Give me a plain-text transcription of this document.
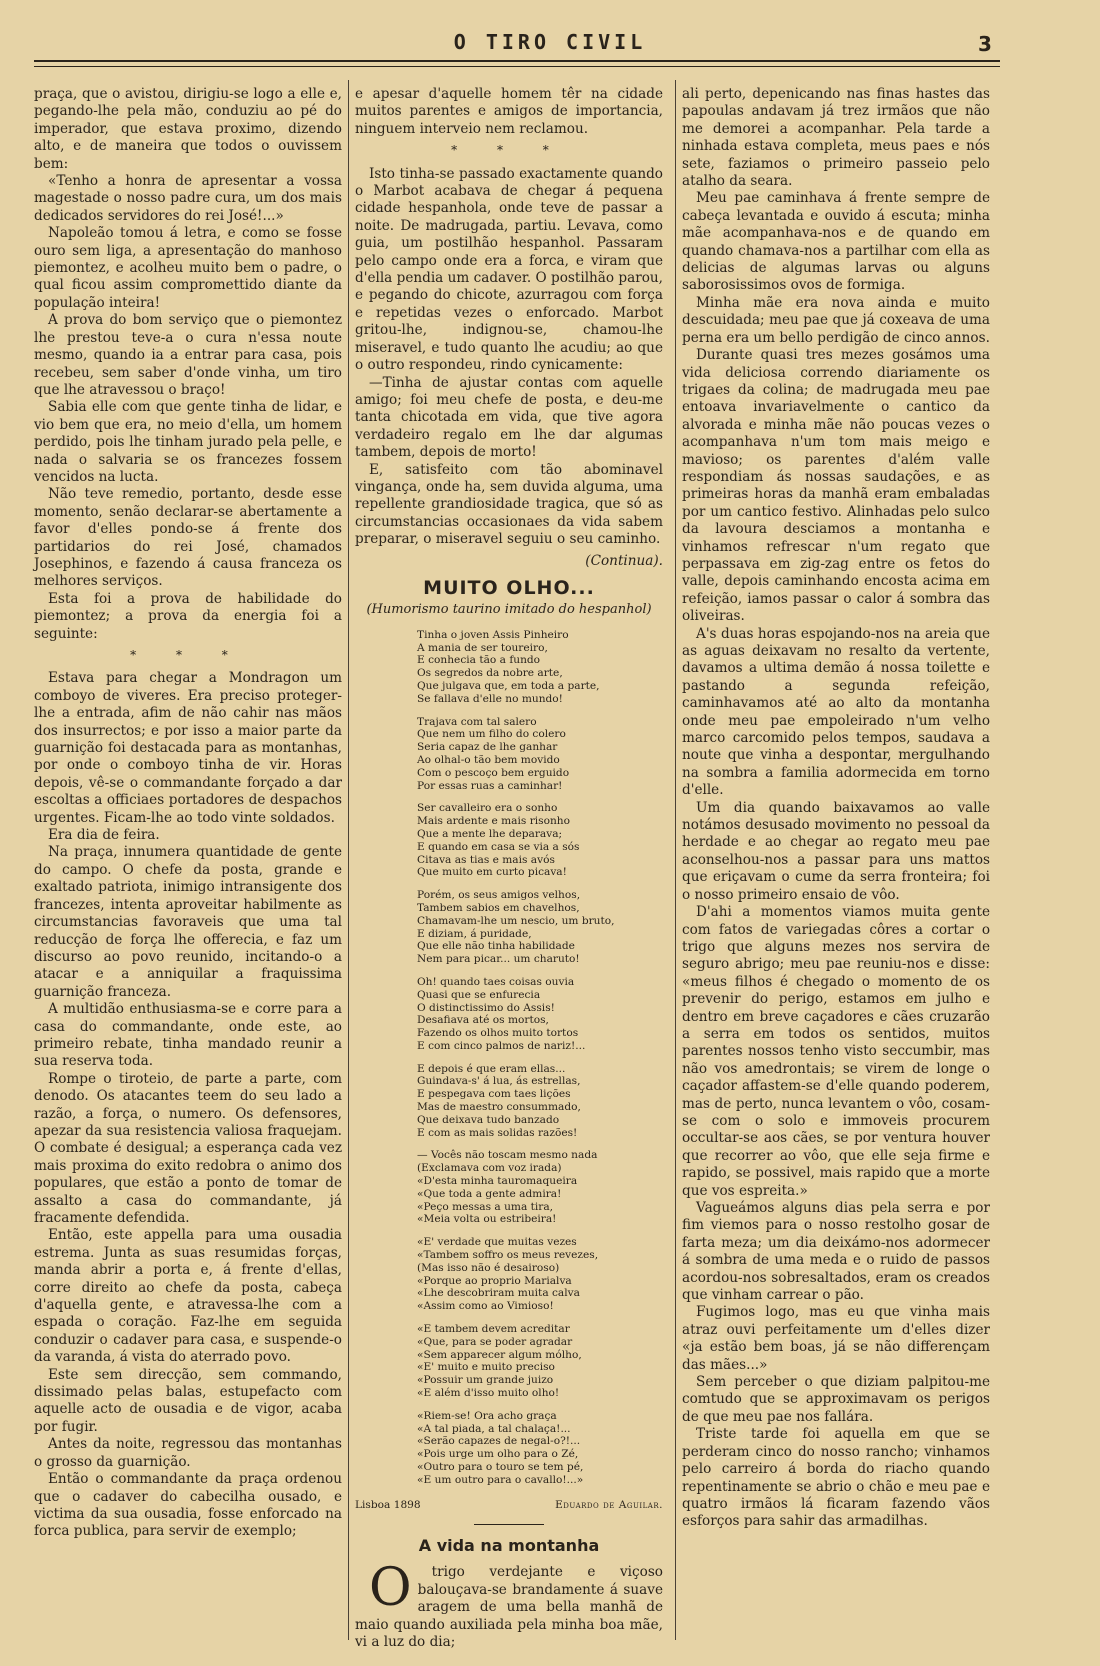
O TIRO CIVIL	3

praça, que o avistou, dirigiu-se logo a elle e, pegando-lhe pela mão, conduziu ao pé do imperador, que estava proximo, dizendo alto, e de maneira que todos o ouvissem bem:

«Tenho a honra de apresentar a vossa magestade o nosso padre cura, um dos mais dedicados servidores do rei José!...»

Napoleão tomou á letra, e como se fosse ouro sem liga, a apresentação do manhoso piemontez, e acolheu muito bem o padre, o qual ficou assim compromettido diante da população inteira!

A prova do bom serviço que o piemontez lhe prestou teve-a o cura n'essa noute mesmo, quando ia a entrar para casa, pois recebeu, sem saber d'onde vinha, um tiro que lhe atravessou o braço!

Sabia elle com que gente tinha de lidar, e vio bem que era, no meio d'ella, um homem perdido, pois lhe tinham jurado pela pelle, e nada o salvaria se os francezes fossem vencidos na lucta.

Não teve remedio, portanto, desde esse momento, senão declarar-se abertamente a favor d'elles pondo-se á frente dos partidarios do rei José, chamados Josephinos, e fazendo á causa franceza os melhores serviços.

Esta foi a prova de habilidade do piemontez; a prova da energia foi a seguinte:

* * *

Estava para chegar a Mondragon um comboyo de viveres. Era preciso proteger-lhe a entrada, afim de não cahir nas mãos dos insurrectos; e por isso a maior parte da guarnição foi destacada para as montanhas, por onde o comboyo tinha de vir. Horas depois, vê-se o commandante forçado a dar escoltas a officiaes portadores de despachos urgentes. Ficam-lhe ao todo vinte soldados.

Era dia de feira.

Na praça, innumera quantidade de gente do campo. O chefe da posta, grande e exaltado patriota, inimigo intransigente dos francezes, intenta aproveitar habilmente as circumstancias favoraveis que uma tal reducção de força lhe offerecia, e faz um discurso ao povo reunido, incitando-o a atacar e a anniquilar a fraquissima guarnição franceza.

A multidão enthusiasma-se e corre para a casa do commandante, onde este, ao primeiro rebate, tinha mandado reunir a sua reserva toda.

Rompe o tiroteio, de parte a parte, com denodo. Os atacantes teem do seu lado a razão, a força, o numero. Os defensores, apezar da sua resistencia valiosa fraquejam. O combate é desigual; a esperança cada vez mais proxima do exito redobra o animo dos populares, que estão a ponto de tomar de assalto a casa do commandante, já fracamente defendida.

Então, este appella para uma ousadia estrema. Junta as suas resumidas forças, manda abrir a porta e, á frente d'ellas, corre direito ao chefe da posta, cabeça d'aquella gente, e atravessa-lhe com a espada o coração. Faz-lhe em seguida conduzir o cadaver para casa, e suspende-o da varanda, á vista do aterrado povo.

Este sem direcção, sem commando, dissimado pelas balas, estupefacto com aquelle acto de ousadia e de vigor, acaba por fugir.

Antes da noite, regressou das montanhas o grosso da guarnição.

Então o commandante da praça ordenou que o cadaver do cabecilha ousado, e victima da sua ousadia, fosse enforcado na forca publica, para servir de exemplo;

e apesar d'aquelle homem têr na cidade muitos parentes e amigos de importancia, ninguem interveio nem reclamou.

* * *

Isto tinha-se passado exactamente quando o Marbot acabava de chegar á pequena cidade hespanhola, onde teve de passar a noite. De madrugada, partiu. Levava, como guia, um postilhão hespanhol. Passaram pelo campo onde era a forca, e viram que d'ella pendia um cadaver. O postilhão parou, e pegando do chicote, azurragou com força e repetidas vezes o enforcado. Marbot gritou-lhe, indignou-se, chamou-lhe miseravel, e tudo quanto lhe acudiu; ao que o outro respondeu, rindo cynicamente:

—Tinha de ajustar contas com aquelle amigo; foi meu chefe de posta, e deu-me tanta chicotada em vida, que tive agora verdadeiro regalo em lhe dar algumas tambem, depois de morto!

E, satisfeito com tão abominavel vingança, onde ha, sem duvida alguma, uma repellente grandiosidade tragica, que só as circumstancias occasionaes da vida sabem preparar, o miseravel seguiu o seu caminho.

(Continua).
MUITO OLHO...
(Humorismo taurino imitado do hespanhol)
Tinha o joven Assis Pinheiro
A mania de ser toureiro,
E conhecia tão a fundo
Os segredos da nobre arte,
Que julgava que, em toda a parte,
Se fallava d'elle no mundo!
Trajava com tal salero
Que nem um filho do colero
Seria capaz de lhe ganhar
Ao olhal-o tão bem movido
Com o pescoço bem erguido
Por essas ruas a caminhar!
Ser cavalleiro era o sonho
Mais ardente e mais risonho
Que a mente lhe deparava;
E quando em casa se via a sós
Citava as tias e mais avós
Que muito em curto picava!
Porém, os seus amigos velhos,
Tambem sabios em chavelhos,
Chamavam-lhe um nescio, um bruto,
E diziam, á puridade,
Que elle não tinha habilidade
Nem para picar... um charuto!
Oh! quando taes coisas ouvia
Quasi que se enfurecia
O distinctissimo do Assis!
Desafiava até os mortos,
Fazendo os olhos muito tortos
E com cinco palmos de nariz!...
E depois é que eram ellas...
Guindava-s' á lua, ás estrellas,
E pespegava com taes lições
Mas de maestro consummado,
Que deixava tudo banzado
E com as mais solidas razões!
— Vocês não toscam mesmo nada
(Exclamava com voz irada)
«D'esta minha tauromaqueira
«Que toda a gente admira!
«Peço messas a uma tira,
«Meia volta ou estribeira!
«E' verdade que muitas vezes
«Tambem soffro os meus revezes,
(Mas isso não é desairoso)
«Porque ao proprio Marialva
«Lhe descobriram muita calva
«Assim como ao Vimioso!
«E tambem devem acreditar
«Que, para se poder agradar
«Sem apparecer algum mólho,
«E' muito e muito preciso
«Possuir um grande juizo
«E além d'isso muito olho!
«Riem-se! Ora acho graça
«A tal piada, a tal chalaça!...
«Serão capazes de negal-o?!...
«Pois urge um olho para o Zé,
«Outro para o touro se tem pé,
«E um outro para o cavallo!...»
Lisboa 1898	Eduardo de Aguilar.
A vida na montanha

O trigo verdejante e viçoso balouçava-se brandamente á suave aragem de uma bella manhã de maio quando auxiliada pela minha boa mãe, vi a luz do dia;

ali perto, depenicando nas finas hastes das papoulas andavam já trez irmãos que não me demorei a acompanhar. Pela tarde a ninhada estava completa, meus paes e nós sete, faziamos o primeiro passeio pelo atalho da seara.

Meu pae caminhava á frente sempre de cabeça levantada e ouvido á escuta; minha mãe acompanhava-nos e de quando em quando chamava-nos a partilhar com ella as delicias de algumas larvas ou alguns saborosissimos ovos de formiga.

Minha mãe era nova ainda e muito descuidada; meu pae que já coxeava de uma perna era um bello perdigão de cinco annos.

Durante quasi tres mezes gosámos uma vida deliciosa correndo diariamente os trigaes da colina; de madrugada meu pae entoava invariavelmente o cantico da alvorada e minha mãe não poucas vezes o acompanhava n'um tom mais meigo e mavioso; os parentes d'além valle respondiam ás nossas saudações, e as primeiras horas da manhã eram embaladas por um cantico festivo. Alinhadas pelo sulco da lavoura desciamos a montanha e vinhamos refrescar n'um regato que perpassava em zig-zag entre os fetos do valle, depois caminhando encosta acima em refeição, iamos passar o calor á sombra das oliveiras.

A's duas horas espojando-nos na areia que as aguas deixavam no resalto da vertente, davamos a ultima demão á nossa toilette e pastando a segunda refeição, caminhavamos até ao alto da montanha onde meu pae empoleirado n'um velho marco carcomido pelos tempos, saudava a noute que vinha a despontar, mergulhando na sombra a familia adormecida em torno d'elle.

Um dia quando baixavamos ao valle notámos desusado movimento no pessoal da herdade e ao chegar ao regato meu pae aconselhou-nos a passar para uns mattos que eriçavam o cume da serra fronteira; foi o nosso primeiro ensaio de vôo.

D'ahi a momentos viamos muita gente com fatos de variegadas côres a cortar o trigo que alguns mezes nos servira de seguro abrigo; meu pae reuniu-nos e disse: «meus filhos é chegado o momento de os prevenir do perigo, estamos em julho e dentro em breve caçadores e cães cruzarão a serra em todos os sentidos, muitos parentes nossos tenho visto seccumbir, mas não vos amedrontais; se virem de longe o caçador affastem-se d'elle quando poderem, mas de perto, nunca levantem o vôo, cosam-se com o solo e immoveis procurem occultar-se aos cães, se por ventura houver que recorrer ao vôo, que elle seja firme e rapido, se possivel, mais rapido que a morte que vos espreita.»

Vagueámos alguns dias pela serra e por fim viemos para o nosso restolho gosar de farta meza; um dia deixámo-nos adormecer á sombra de uma meda e o ruido de passos acordou-nos sobresaltados, eram os creados que vinham carrear o pão.

Fugimos logo, mas eu que vinha mais atraz ouvi perfeitamente um d'elles dizer «ja estão bem boas, já se não differençam das mães...»

Sem perceber o que diziam palpitou-me comtudo que se approximavam os perigos de que meu pae nos fallára.

Triste tarde foi aquella em que se perderam cinco do nosso rancho; vinhamos pelo carreiro á borda do riacho quando repentinamente se abrio o chão e meu pae e quatro irmãos lá ficaram fazendo vãos esforços para sahir das armadilhas.
